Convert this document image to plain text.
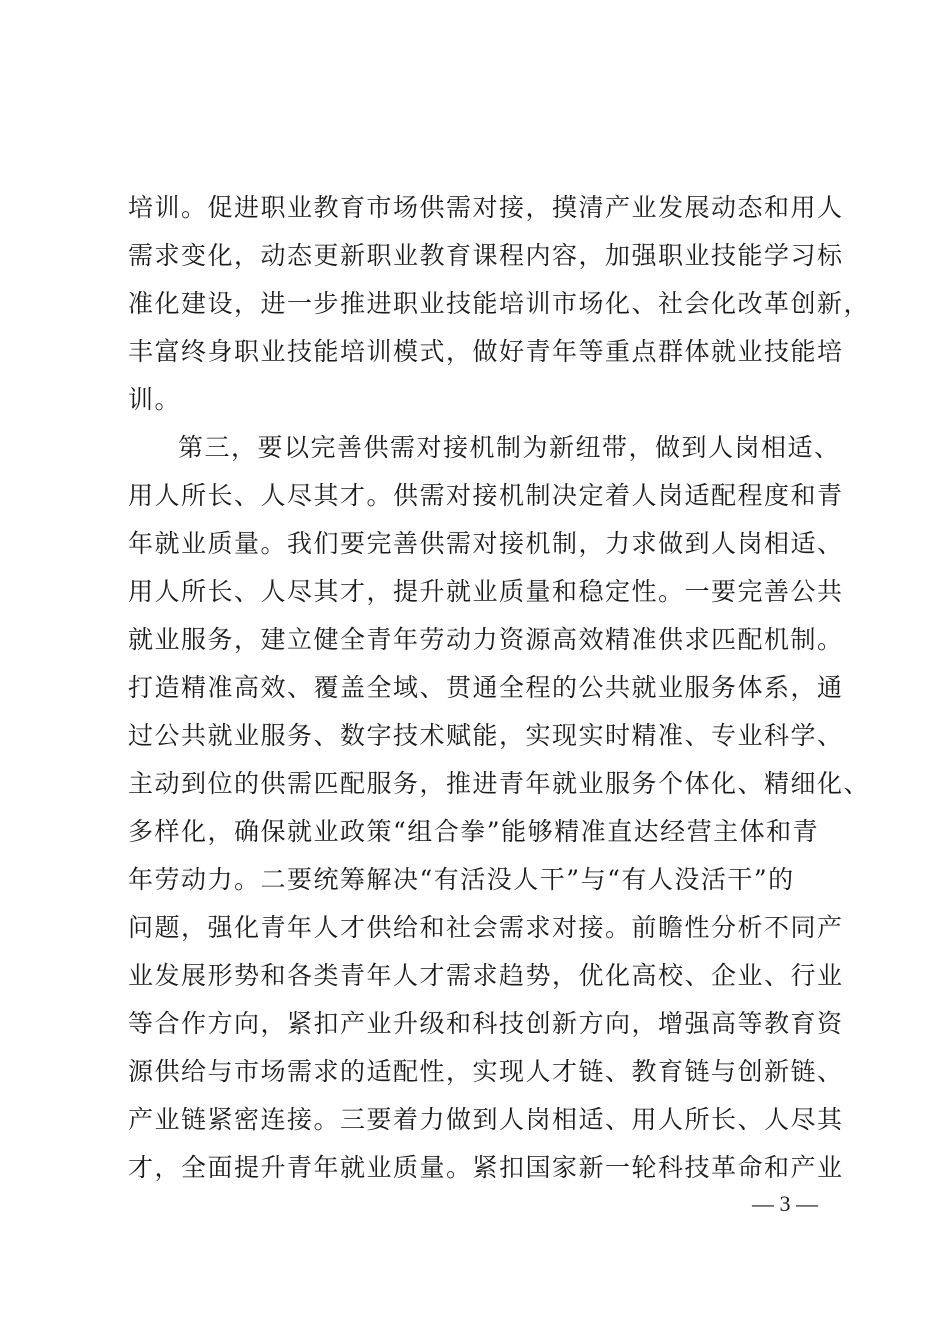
培训。促进职业教育市场供需对接，摸清产业发展动态和用人
需求变化，动态更新职业教育课程内容，加强职业技能学习标
准化建设，进一步推进职业技能培训市场化、社会化改革创新，
丰富终身职业技能培训模式，做好青年等重点群体就业技能培
训。
第三，要以完善供需对接机制为新纽带，做到人岗相适、
用人所长、人尽其才。供需对接机制决定着人岗适配程度和青
年就业质量。我们要完善供需对接机制，力求做到人岗相适、
用人所长、人尽其才，提升就业质量和稳定性。一要完善公共
就业服务，建立健全青年劳动力资源高效精准供求匹配机制。
打造精准高效、覆盖全域、贯通全程的公共就业服务体系，通
过公共就业服务、数字技术赋能，实现实时精准、专业科学、
主动到位的供需匹配服务，推进青年就业服务个体化、精细化、
多样化，确保就业政策“组合拳”能够精准直达经营主体和青
年劳动力。二要统筹解决“有活没人干”与“有人没活干”的
问题，强化青年人才供给和社会需求对接。前瞻性分析不同产
业发展形势和各类青年人才需求趋势，优化高校、企业、行业
等合作方向，紧扣产业升级和科技创新方向，增强高等教育资
源供给与市场需求的适配性，实现人才链、教育链与创新链、
产业链紧密连接。三要着力做到人岗相适、用人所长、人尽其
才，全面提升青年就业质量。紧扣国家新一轮科技革命和产业
— 3 —
